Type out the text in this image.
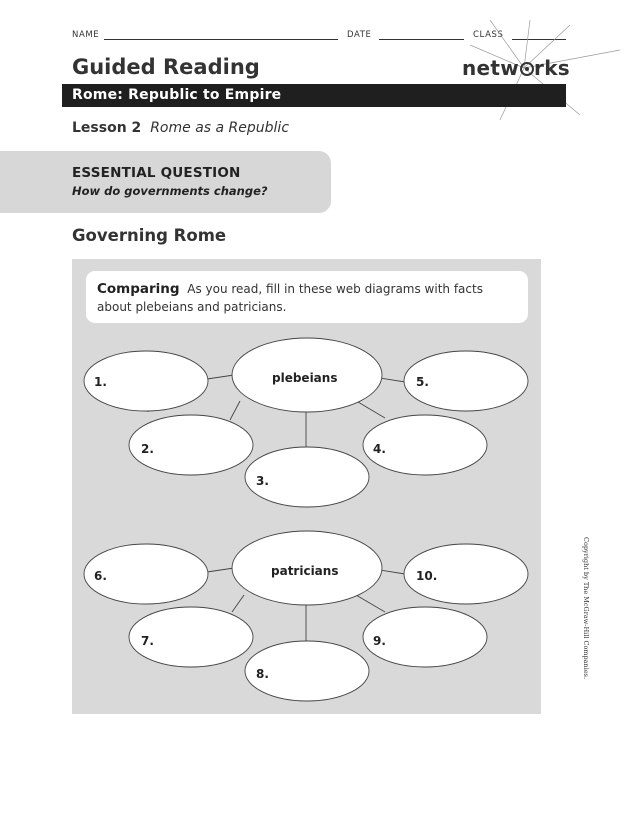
NAME	DATE	CLASS
Guided Reading	netw rks
Rome: Republic to Empire
Lesson 2 Rome as a Republic
ESSENTIAL QUESTION
How do governments change?
Governing Rome
Comparing As you read, fill in these web diagrams with facts about plebeians and patricians.
plebeians
1.
2.
3.
4.
5.
patricians
6.
7.
8.
9.
10.	Copyright by The McGraw-Hill Companies.
